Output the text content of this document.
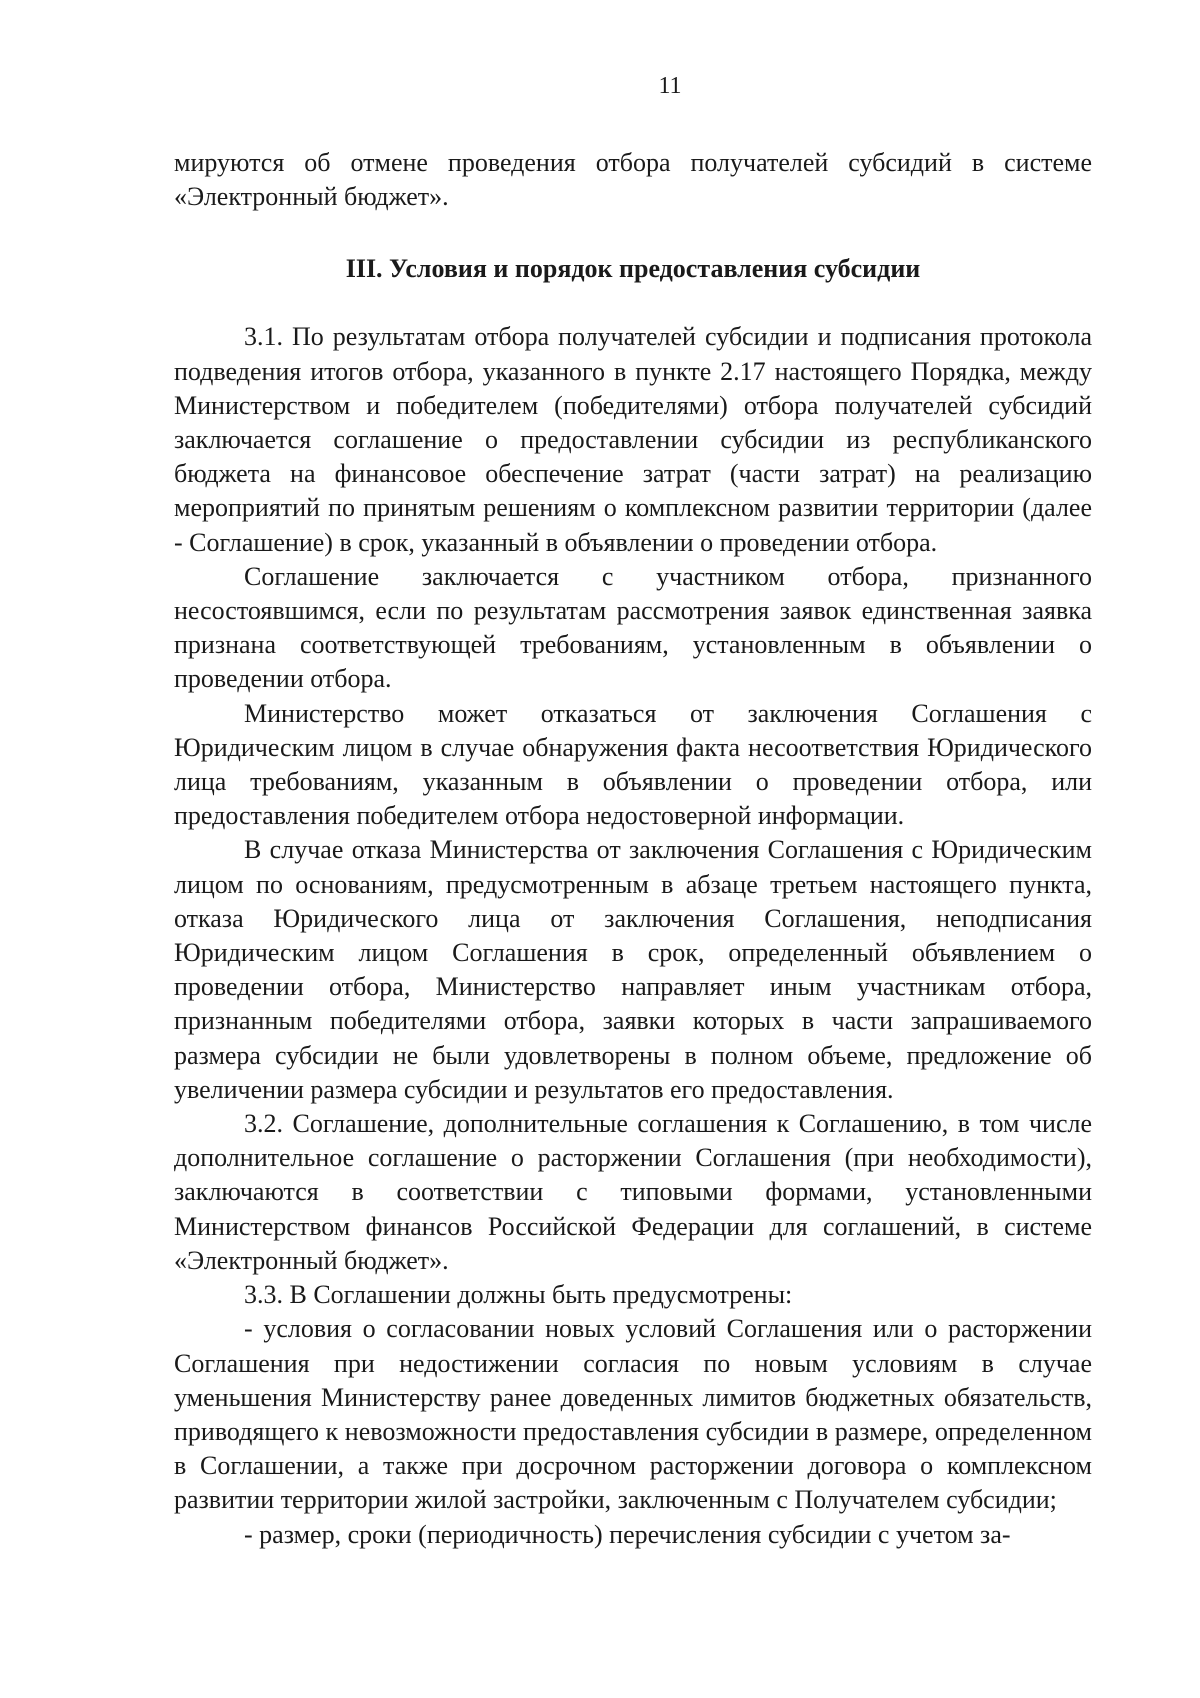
11

мируются об отмене проведения отбора получателей субсидий в системе «Электронный бюджет».

III. Условия и порядок предоставления субсидии

3.1. По результатам отбора получателей субсидии и подписания протокола подведения итогов отбора, указанного в пункте 2.17 настоящего Порядка, между Министерством и победителем (победителями) отбора получателей субсидий заключается соглашение о предоставлении субсидии из республиканского бюджета на финансовое обеспечение затрат (части затрат) на реализацию мероприятий по принятым решениям о комплексном развитии территории (далее - Соглашение) в срок, указанный в объявлении о проведении отбора.

Соглашение заключается с участником отбора, признанного несостоявшимся, если по результатам рассмотрения заявок единственная заявка признана соответствующей требованиям, установленным в объявлении о проведении отбора.

Министерство может отказаться от заключения Соглашения с Юридическим лицом в случае обнаружения факта несоответствия Юридического лица требованиям, указанным в объявлении о проведении отбора, или предоставления победителем отбора недостоверной информации.

В случае отказа Министерства от заключения Соглашения с Юридическим лицом по основаниям, предусмотренным в абзаце третьем настоящего пункта, отказа Юридического лица от заключения Соглашения, неподписания Юридическим лицом Соглашения в срок, определенный объявлением о проведении отбора, Министерство направляет иным участникам отбора, признанным победителями отбора, заявки которых в части запрашиваемого размера субсидии не были удовлетворены в полном объеме, предложение об увеличении размера субсидии и результатов его предоставления.

3.2. Соглашение, дополнительные соглашения к Соглашению, в том числе дополнительное соглашение о расторжении Соглашения (при необходимости), заключаются в соответствии с типовыми формами, установленными Министерством финансов Российской Федерации для соглашений, в системе «Электронный бюджет».

3.3. В Соглашении должны быть предусмотрены:

- условия о согласовании новых условий Соглашения или о расторжении Соглашения при недостижении согласия по новым условиям в случае уменьшения Министерству ранее доведенных лимитов бюджетных обязательств, приводящего к невозможности предоставления субсидии в размере, определенном в Соглашении, а также при досрочном расторжении договора о комплексном развитии территории жилой застройки, заключенным с Получателем субсидии;

- размер, сроки (периодичность) перечисления субсидии с учетом за-
